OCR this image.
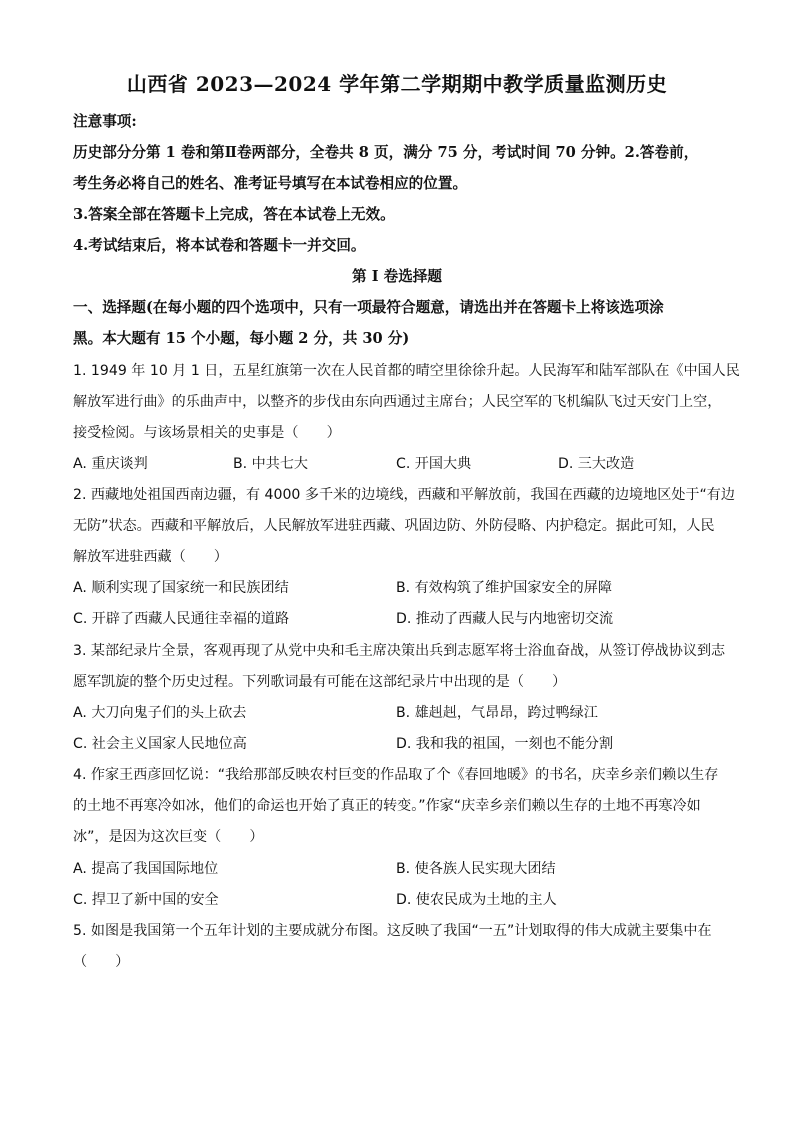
山西省 2023—2024 学年第二学期期中教学质量监测历史
注意事项:
历史部分分第 1 卷和第Ⅱ卷两部分，全卷共 8 页，满分 75 分，考试时间 70 分钟。2.答卷前，
考生务必将自己的姓名、准考证号填写在本试卷相应的位置。
3.答案全部在答题卡上完成，答在本试卷上无效。
4.考试结束后，将本试卷和答题卡一并交回。
第 I 卷选择题
一、选择题(在每小题的四个选项中，只有一项最符合题意，请选出并在答题卡上将该选项涂
黑。本大题有 15 个小题，每小题 2 分，共 30 分)
1. 1949 年 10 月 1 日，五星红旗第一次在人民首都的晴空里徐徐升起。人民海军和陆军部队在《中国人民
解放军进行曲》的乐曲声中，以整齐的步伐由东向西通过主席台；人民空军的飞机编队飞过天安门上空，
接受检阅。与该场景相关的史事是（　　）
A. 重庆谈判	B. 中共七大	C. 开国大典	D. 三大改造
2. 西藏地处祖国西南边疆，有 4000 多千米的边境线，西藏和平解放前，我国在西藏的边境地区处于“有边
无防”状态。西藏和平解放后，人民解放军进驻西藏、巩固边防、外防侵略、内护稳定。据此可知，人民
解放军进驻西藏（　　）
A. 顺利实现了国家统一和民族团结	B. 有效构筑了维护国家安全的屏障
C. 开辟了西藏人民通往幸福的道路	D. 推动了西藏人民与内地密切交流
3. 某部纪录片全景，客观再现了从党中央和毛主席决策出兵到志愿军将士浴血奋战，从签订停战协议到志
愿军凯旋的整个历史过程。下列歌词最有可能在这部纪录片中出现的是（　　）
A. 大刀向鬼子们的头上砍去	B. 雄赳赳，气昂昂，跨过鸭绿江
C. 社会主义国家人民地位高	D. 我和我的祖国，一刻也不能分割
4. 作家王西彦回忆说：“我给那部反映农村巨变的作品取了个《春回地暖》的书名，庆幸乡亲们赖以生存
的土地不再寒冷如冰，他们的命运也开始了真正的转变。”作家“庆幸乡亲们赖以生存的土地不再寒冷如
冰”，是因为这次巨变（　　）
A. 提高了我国国际地位	B. 使各族人民实现大团结
C. 捍卫了新中国的安全	D. 使农民成为土地的主人
5. 如图是我国第一个五年计划的主要成就分布图。这反映了我国“一五”计划取得的伟大成就主要集中在
（　　）
